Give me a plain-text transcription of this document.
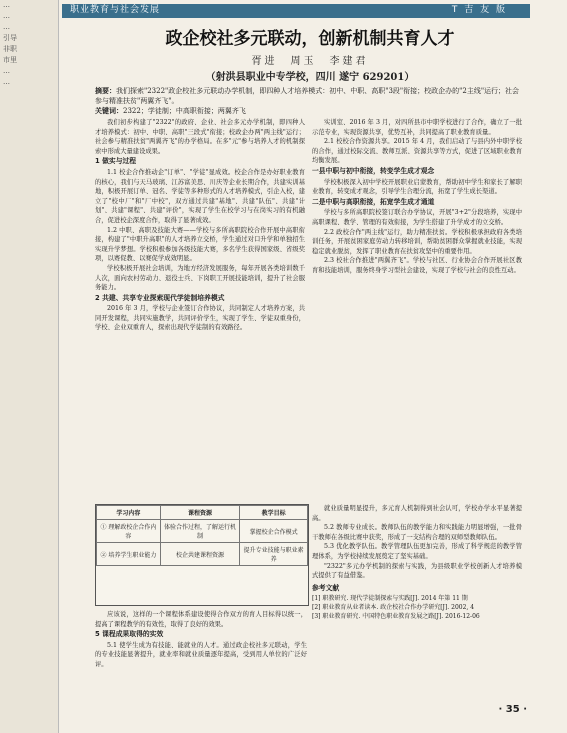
…
…
…
引导
非职
市里
…
…
职业教育与社会发展	T 吉 友 版
政企校社多元联动，创新机制共育人才
胥进　周玉　李建君
（射洪县职业中专学校，四川 遂宁 629201）
摘要：我们探索"2322"政企校社多元联动办学机制，即四种人才培养模式：初中、中职、高职"3段"衔接；校政企办的"2主线"运行；社会参与精准扶贫"两翼齐飞"。
关键词：2322；学徒制；中高职衔接；两翼齐飞

我们初步构建了"2322"的政府、企业、社会多元办学机制，即四种人才培养模式：初中、中职、高职"三段式"衔接；校政企办两"两主线"运行；社会参与精准扶贫"两翼齐飞"的办学格局。在多"元"参与培养人才的机制探索中形成大量建设成果。

1 做实与过程

1.1 校企合作推动企"订单"、"学徒"显成效。校企合作是办好职业教育的核心，我们与天马玻璃、江苏富美思、川庆等企业长期合作，共建实训基地，积极开展订单、冠名、学徒等多种形式的人才培养模式，引企入校，建立了"校中厂"和"厂中校"，双方通过共建"基地"、共建"队伍"、共建"计划"、共建"课程"、共建"评价"，实现了学生在校学习与在岗实习的有机融合，促进校企深度合作，取得了显著成效。

1.2 中职、高职及技能大赛——学校与多所高职院校合作开展中高职衔接，构建了"中职升高职"的人才培养立交桥，学生通过对口升学和单独招生实现升学梦想。学校积极参加各级技能大赛，多名学生获得国家级、省级奖项，以赛促教、以赛促学成效明显。

学校积极开展社会培训，为地方经济发展服务，每年开展各类培训数千人次，面向农村劳动力、退役士兵、下岗职工开展技能培训，提升了社会服务能力。

2 共建、共享专业探索现代学徒制培养模式

2016 年 3 月，学校与企业签订合作协议，共同制定人才培养方案，共同开发课程，共同实施教学，共同评价学生，实现了学生、学徒双重身份，学校、企业双重育人，探索出现代学徒制的有效路径。

实训室、2016 年 3 月，对四所县市中职学校进行了合作，确立了一批示范专业，实现资源共享，优势互补，共同提高了职业教育质量。

2.1 校校合作资源共享。2015 年 4 月，我们启动了与县内外中职学校的合作，通过校际交流、教师互派、资源共享等方式，促进了区域职业教育均衡发展。

一县中职与初中衔接，转变学生成才观念

学校积极深入初中学校开展职业启蒙教育，帮助初中学生和家长了解职业教育，转变成才观念，引导学生合理分流，拓宽了学生成长渠道。

二是中职与高职衔接，拓宽学生成才通道

学校与多所高职院校签订联合办学协议，开展"3+2"分段培养，实现中高职课程、教学、管理的有效衔接，为学生搭建了升学成才的立交桥。

2.2 政校合作"两主线"运行，助力精准扶贫。学校积极承担政府各类培训任务，开展贫困家庭劳动力转移培训，帮助贫困群众掌握就业技能，实现稳定就业脱贫，发挥了职业教育在扶贫攻坚中的重要作用。

2.3 校社合作推进"两翼齐飞"。学校与社区、行业协会合作开展社区教育和技能培训，服务终身学习型社会建设，实现了学校与社会的良性互动。

学习内容	课程资源	教学目标
① 理解政校企合作内容	体验合作过程，了解运行机制	掌握校企合作模式
② 培养学生职业能力	校企共建课程资源	提升专业技能与职业素养

应该说，这样的一个课程体系建设使得合作双方的育人目标得以统一，提高了课程教学的有效性，取得了良好的效果。

5 课程成果取得的实效

5.1 使学生成为有技能、能就业的人才。通过政企校社多元联动，学生的专业技能显著提升，就业率和就业质量逐年提高，受到用人单位的广泛好评。

就业质量明显提升，多元育人机制得到社会认可，学校办学水平显著提高。

5.2 教师专业成长。教师队伍的教学能力和实践能力明显增强，一批骨干教师在各级比赛中获奖，形成了一支结构合理的双师型教师队伍。

5.3 优化教学队伍。教学管理队伍更加完善，形成了科学规范的教学管理体系，为学校持续发展奠定了坚实基础。

"2322"多元办学机制的探索与实践，为县级职业学校创新人才培养模式提供了有益借鉴。

参考文献
[1] 职教研究. 现代学徒制探索与实践[J]. 2014 年第 11 期
[2] 职业教育从业者读本. 政企校社合作办学研究[J]. 2002, 4
[3] 职业教育研究. 中国特色职业教育发展之路[J]. 2016-12-06
· 35 ·
